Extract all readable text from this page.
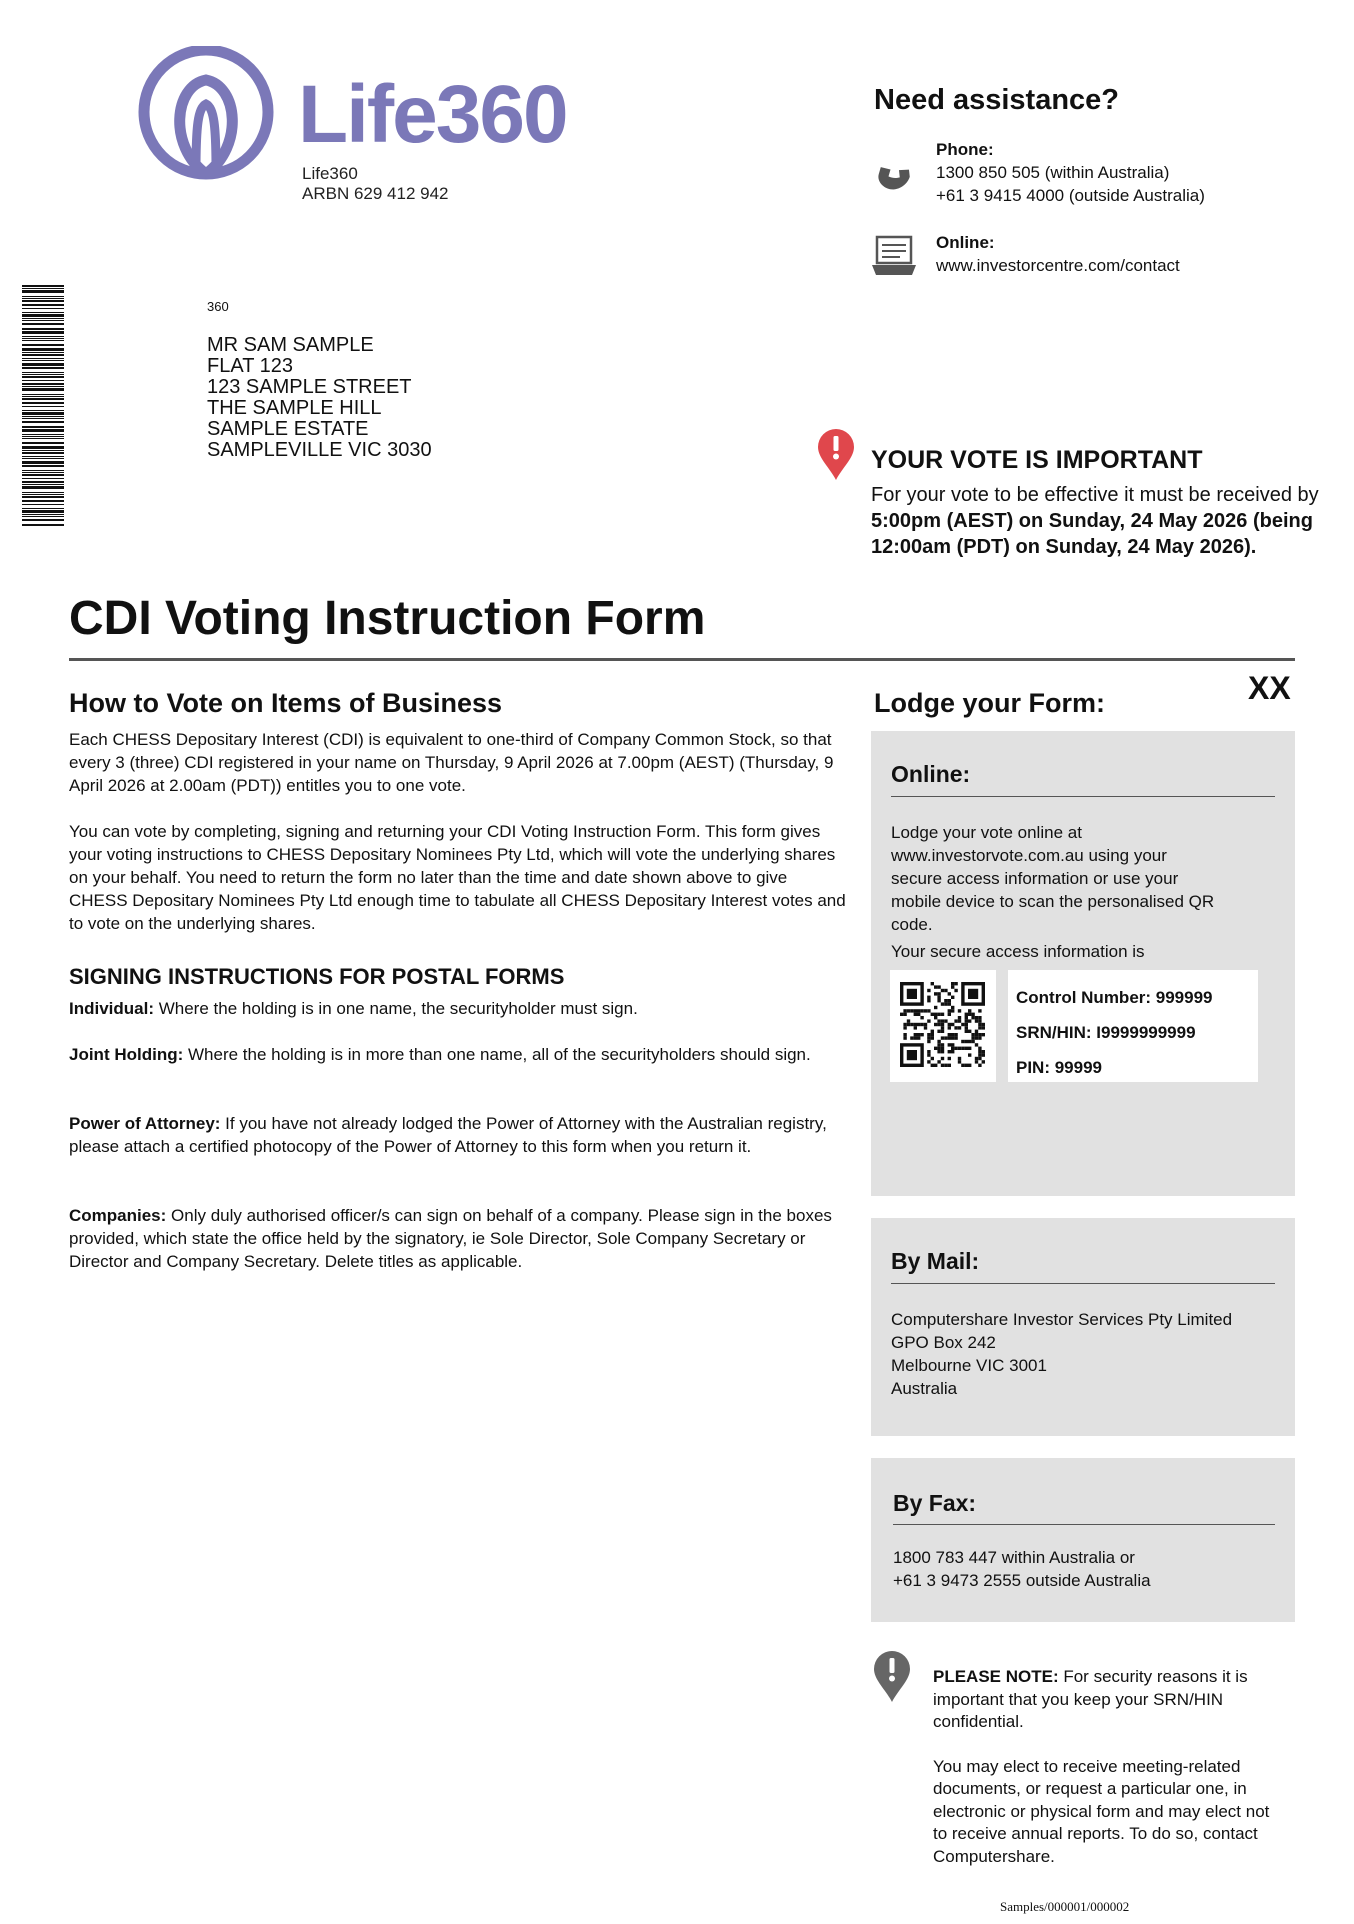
Life360
Life360
ARBN 629 412 942
Need assistance?
Phone:
1300 850 505 (within Australia)
+61 3 9415 4000 (outside Australia)
Online:
www.investorcentre.com/contact
360
MR SAM SAMPLE
FLAT 123
123 SAMPLE STREET
THE SAMPLE HILL
SAMPLE ESTATE
SAMPLEVILLE VIC 3030	YOUR VOTE IS IMPORTANT
For your vote to be effective it must be received by 5:00pm (AEST) on Sunday, 24 May 2026 (being 12:00am (PDT) on Sunday, 24 May 2026).
CDI Voting Instruction Form
How to Vote on Items of Business
Each CHESS Depositary Interest (CDI) is equivalent to one-third of Company Common Stock, so that every 3 (three) CDI registered in your name on Thursday, 9 April 2026 at 7.00pm (AEST) (Thursday, 9 April 2026 at 2.00am (PDT)) entitles you to one vote.
You can vote by completing, signing and returning your CDI Voting Instruction Form. This form gives your voting instructions to CHESS Depositary Nominees Pty Ltd, which will vote the underlying shares on your behalf. You need to return the form no later than the time and date shown above to give CHESS Depositary Nominees Pty Ltd enough time to tabulate all CHESS Depositary Interest votes and to vote on the underlying shares.
SIGNING INSTRUCTIONS FOR POSTAL FORMS
Individual: Where the holding is in one name, the securityholder must sign.
Joint Holding: Where the holding is in more than one name, all of the securityholders should sign.
Power of Attorney: If you have not already lodged the Power of Attorney with the Australian registry, please attach a certified photocopy of the Power of Attorney to this form when you return it.
Companies: Only duly authorised officer/s can sign on behalf of a company. Please sign in the boxes provided, which state the office held by the signatory, ie Sole Director, Sole Company Secretary or Director and Company Secretary. Delete titles as applicable.
Lodge your Form:	XX
Online:
Lodge your vote online at www.investorvote.com.au using your secure access information or use your mobile device to scan the personalised QR code.
Your secure access information is
Control Number: 999999
SRN/HIN: I9999999999
PIN: 99999
By Mail:
Computershare Investor Services Pty Limited
GPO Box 242
Melbourne VIC 3001
Australia
By Fax:
1800 783 447 within Australia or
+61 3 9473 2555 outside Australia
PLEASE NOTE: For security reasons it is important that you keep your SRN/HIN confidential.
You may elect to receive meeting-related documents, or request a particular one, in electronic or physical form and may elect not to receive annual reports. To do so, contact Computershare.
Samples/000001/000002
